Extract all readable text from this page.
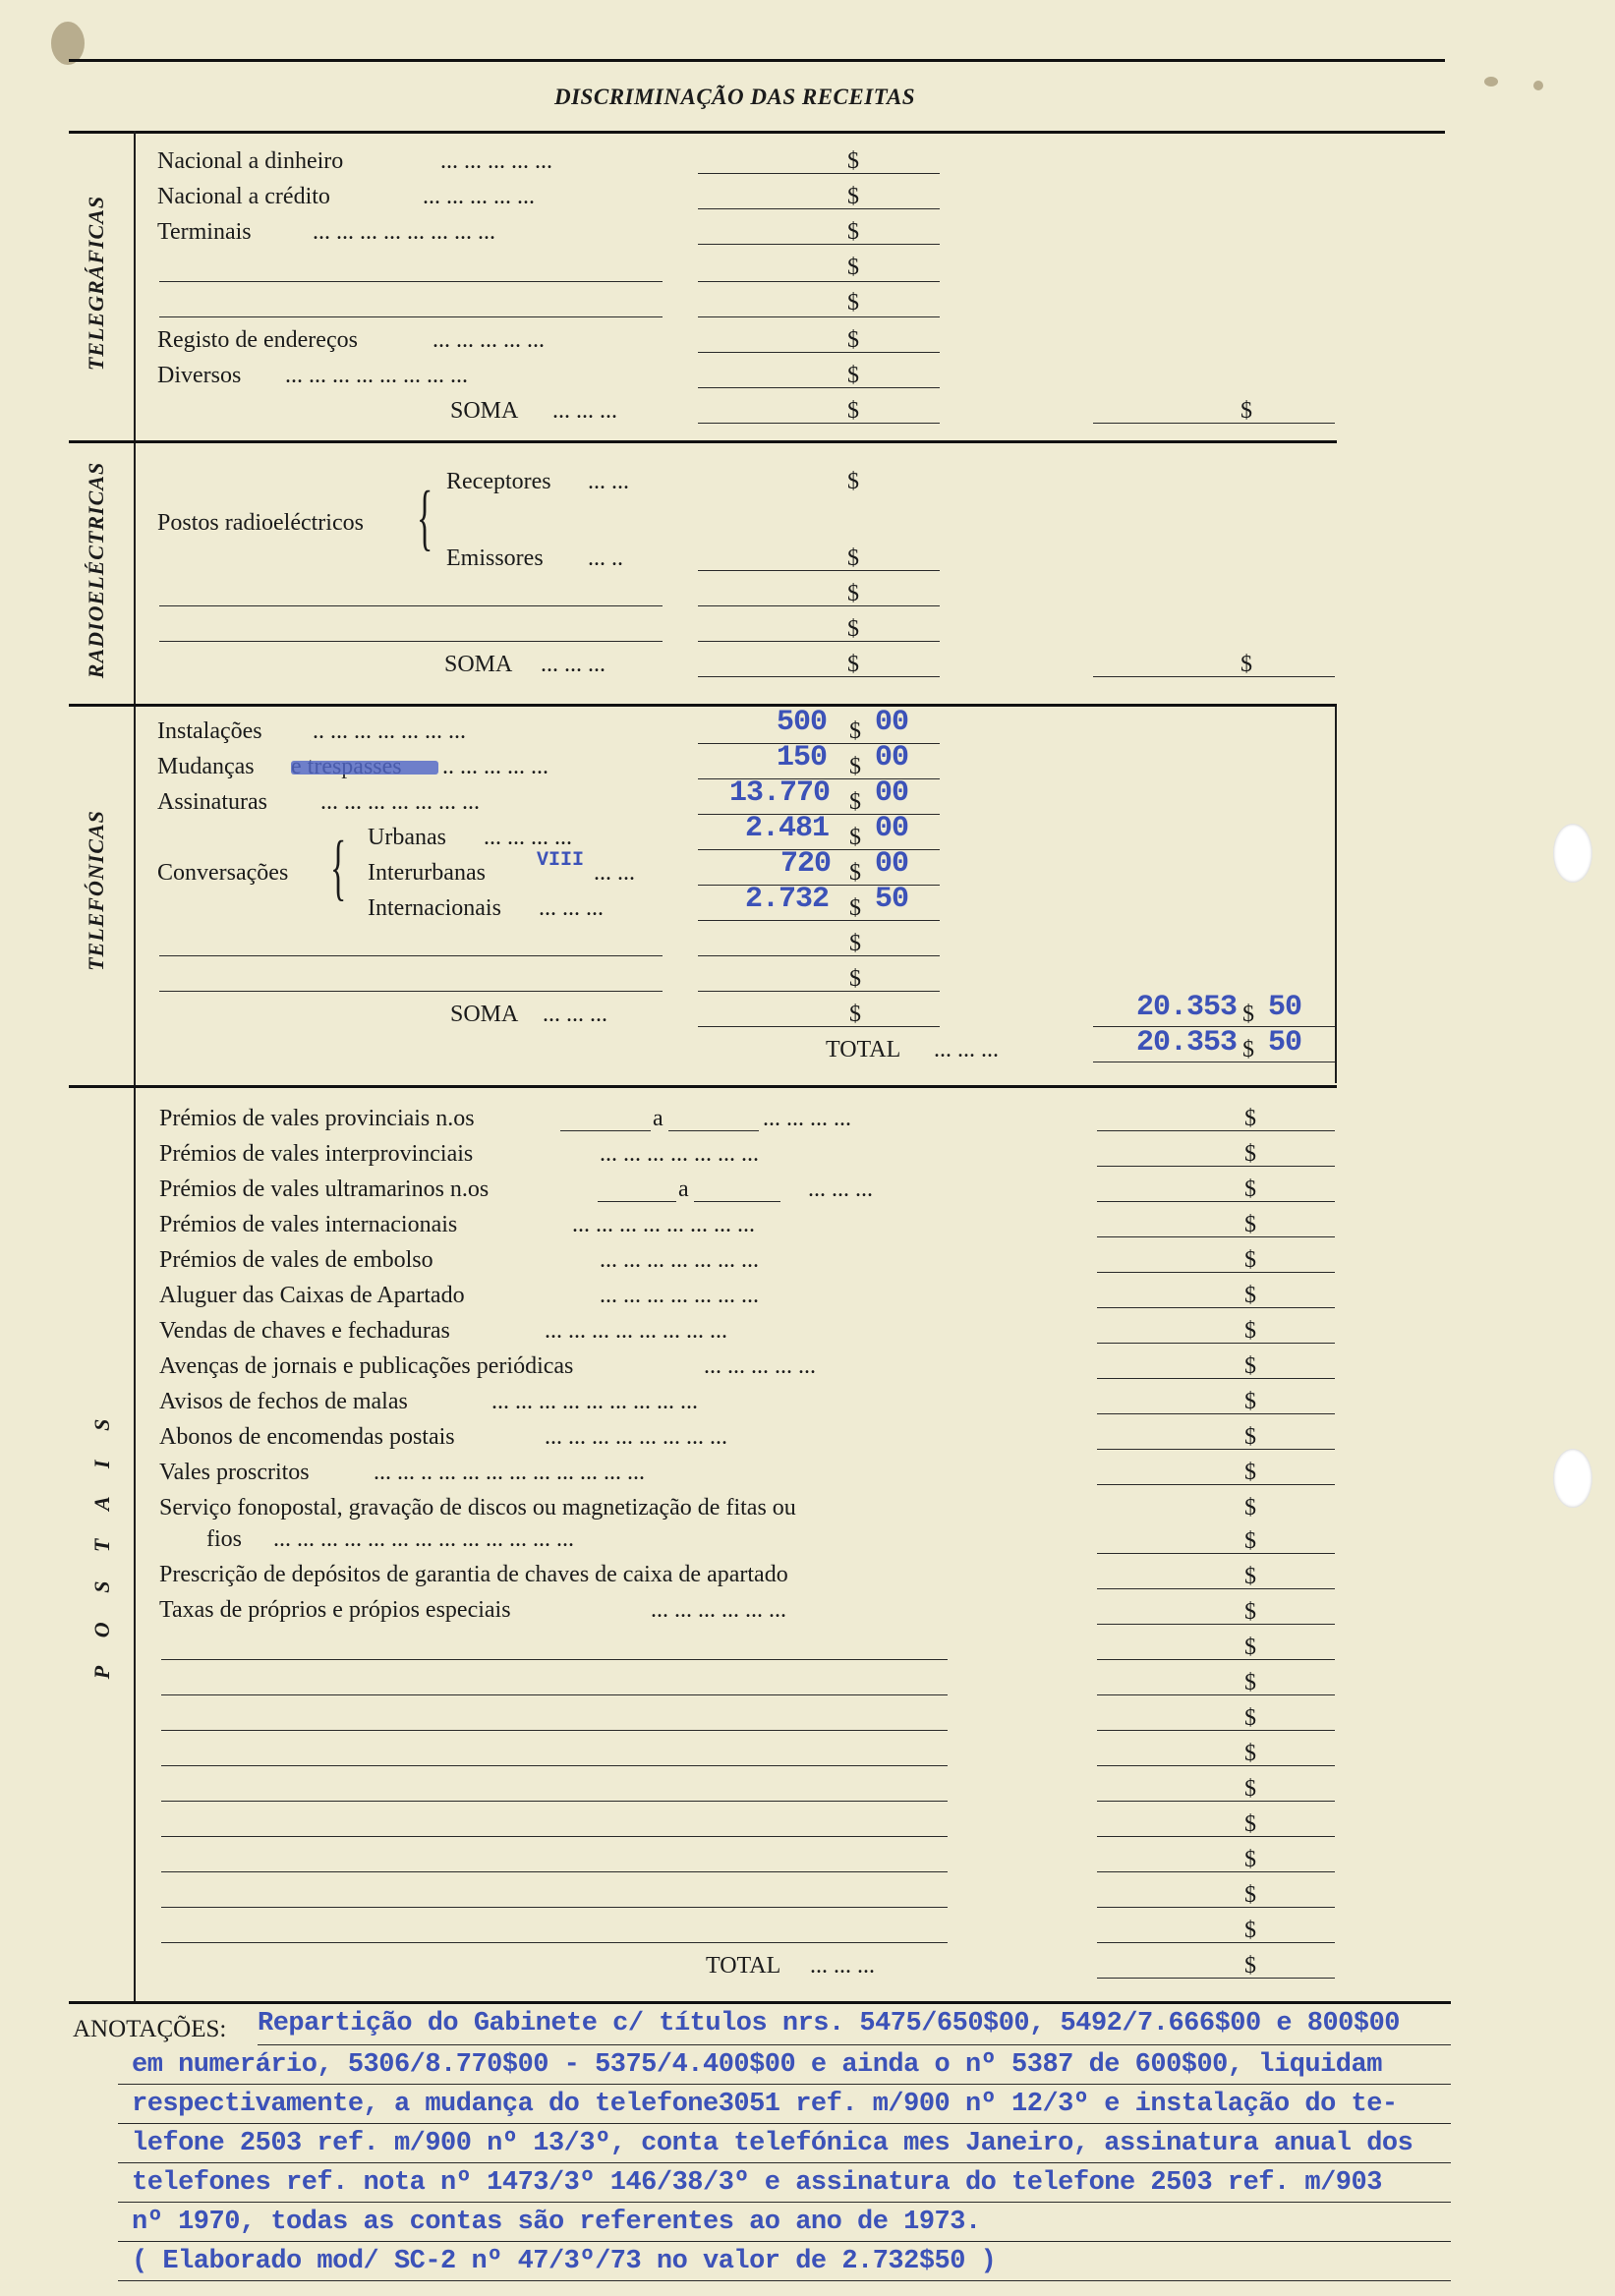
DISCRIMINAÇÃO DAS RECEITAS
TELEGRÁFICAS
Nacional a dinheiro	... ... ... ... ...	$
Nacional a crédito	... ... ... ... ...	$
Terminais	... ... ... ... ... ... ... ...	$
$
$
Registo de endereços	... ... ... ... ...	$
Diversos ... ... ... ... ... ... ... ...	$
SOMA ... ... ...	$	$
RADIOELÉCTRICAS Postos radioeléctricos { Receptores ... ...	$
Emissores ... ..	$
$
$
SOMA ... ... ...	$	$
TELEFÓNICAS
Instalações .. ... ... ... ... ... ...	500 $ 00
Mudanças	.. ... ... ... ...	150 $ 00
Assinaturas ... ... ... ... ... ... ...	13.770 $ 00
Conversações { Urbanas ... ... ... ...	2.481 $ 00
Interurbanas	VIII ... ...	720 $ 00
Internacionais ... ... ...	2.732 $ 50
$
$
SOMA ... ... ...	$	20.353 $ 50
TOTAL ... ... ...	20.353 $ 50
P O S T A I S
Prémios de vales provinciais n.os	a	... ... ... ...	$
Prémios de vales interprovinciais	... ... ... ... ... ... ...	$
Prémios de vales ultramarinos n.os	a	... ... ...	$
Prémios de vales internacionais	... ... ... ... ... ... ... ...	$
Prémios de vales de embolso	... ... ... ... ... ... ...	$
Aluguer das Caixas de Apartado	... ... ... ... ... ... ...	$
Vendas de chaves e fechaduras	... ... ... ... ... ... ... ...	$
Avenças de jornais e publicações periódicas	... ... ... ... ...	$
Avisos de fechos de malas	... ... ... ... ... ... ... ... ...	$
Abonos de encomendas postais	... ... ... ... ... ... ... ...	$
Vales proscritos	... ... .. ... ... ... ... ... ... ... ... ...	$
Serviço fonopostal, gravação de discos ou magnetização de fitas ou	$
fios ... ... ... ... ... ... ... ... ... ... ... ... ...	$
Prescrição de depósitos de garantia de chaves de caixa de apartado	$
Taxas de próprios e própios especiais	... ... ... ... ... ...	$
$
$
$
$
$
$
$
$
$
TOTAL ... ... ...	$
ANOTAÇÕES: Repartição do Gabinete c/ títulos nrs. 5475/650$00, 5492/7.666$00 e 800$00
em numerário, 5306/8.770$00 - 5375/4.400$00 e ainda o nº 5387 de 600$00, liquidam
respectivamente, a mudança do telefone3051 ref. m/900 nº 12/3º e instalação do te-
lefone 2503 ref. m/900 nº 13/3º, conta telefónica mes Janeiro, assinatura anual dos
telefones ref. nota nº 1473/3º 146/38/3º e assinatura do telefone 2503 ref. m/903
nº 1970, todas as contas são referentes ao ano de 1973.
( Elaborado mod/ SC-2 nº 47/3º/73 no valor de 2.732$50 )
